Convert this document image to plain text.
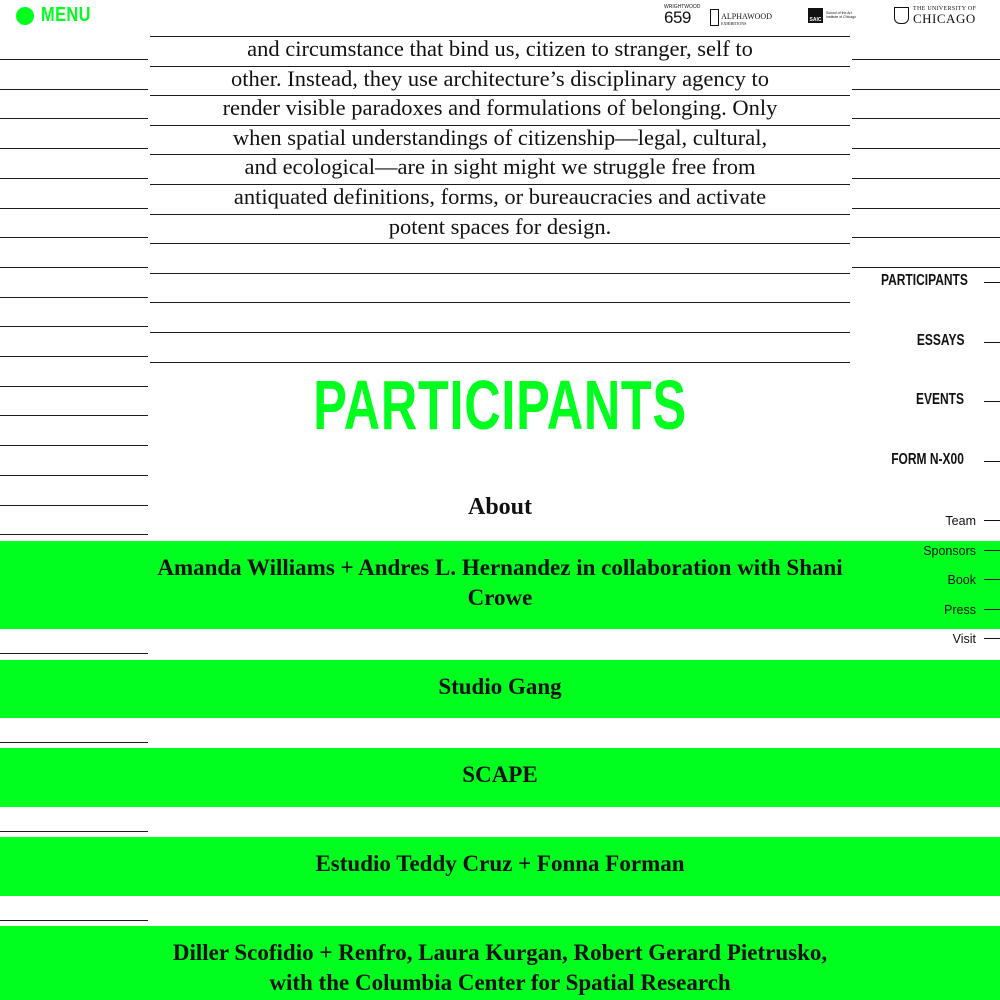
Amanda Williams + Andres L. Hernandez in collaboration with Shani Crowe
Studio Gang
SCAPE
Estudio Teddy Cruz + Fonna Forman
Diller Scofidio + Renfro, Laura Kurgan, Robert Gerard Pietrusko, with the Columbia Center for Spatial Research
MENU	WRIGHTWOOD
659	ALPHAWOOD
EXHIBITIONS
SAIC
School of the Art Institute of Chicago
THE UNIVERSITY OF
CHICAGO

and circumstance that bind us, citizen to stranger, self to

other. Instead, they use architecture’s disciplinary agency to

render visible paradoxes and formulations of belonging. Only

when spatial understandings of citizenship—legal, cultural,

and ecological—are in sight might we struggle free from

antiquated definitions, forms, or bureaucracies and activate

potent spaces for design.

PARTICIPANTS
About
PARTICIPANTS
ESSAYS
EVENTS
FORM N-X00
Team
Sponsors
Book
Press
Visit
